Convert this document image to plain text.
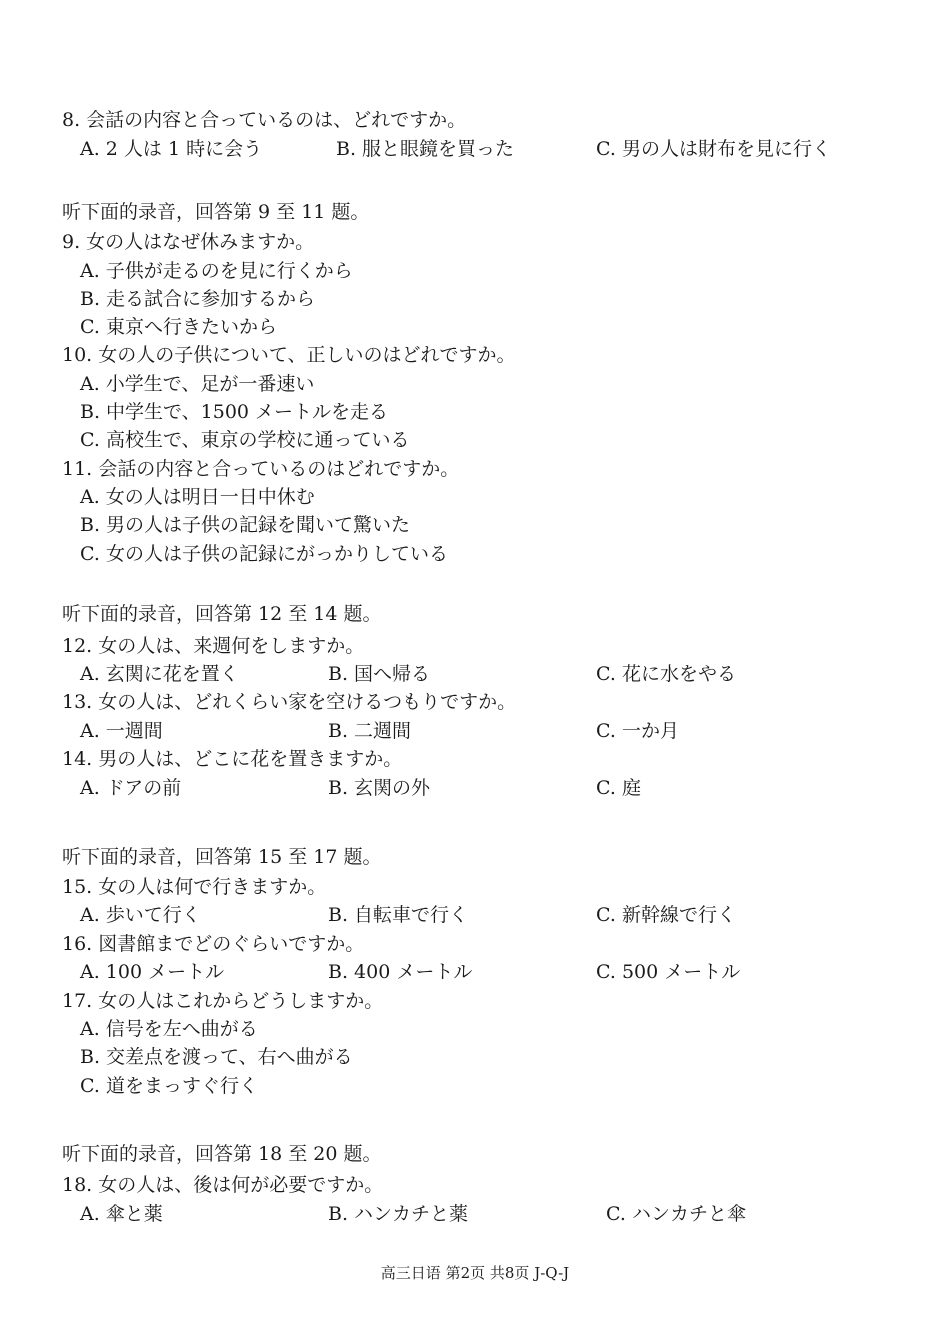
8. 会話の内容と合っているのは、どれですか。
A. 2 人は 1 時に会う	B. 服と眼鏡を買った	C. 男の人は財布を見に行く
听下面的录音，回答第 9 至 11 题。
9. 女の人はなぜ休みますか。
A. 子供が走るのを見に行くから
B. 走る試合に参加するから
C. 東京へ行きたいから
10. 女の人の子供について、正しいのはどれですか。
A. 小学生で、足が一番速い
B. 中学生で、1500 メートルを走る
C. 高校生で、東京の学校に通っている
11. 会話の内容と合っているのはどれですか。
A. 女の人は明日一日中休む
B. 男の人は子供の記録を聞いて驚いた
C. 女の人は子供の記録にがっかりしている
听下面的录音，回答第 12 至 14 题。
12. 女の人は、来週何をしますか。
A. 玄関に花を置く	B. 国へ帰る	C. 花に水をやる
13. 女の人は、どれくらい家を空けるつもりですか。
A. 一週間	B. 二週間	C. 一か月
14. 男の人は、どこに花を置きますか。
A. ドアの前	B. 玄関の外	C. 庭
听下面的录音，回答第 15 至 17 题。
15. 女の人は何で行きますか。
A. 歩いて行く	B. 自転車で行く	C. 新幹線で行く
16. 図書館までどのぐらいですか。
A. 100 メートル	B. 400 メートル	C. 500 メートル
17. 女の人はこれからどうしますか。
A. 信号を左へ曲がる
B. 交差点を渡って、右へ曲がる
C. 道をまっすぐ行く
听下面的录音，回答第 18 至 20 题。
18. 女の人は、後は何が必要ですか。
A. 傘と薬	B. ハンカチと薬	C. ハンカチと傘
高三日语 第2页 共8页 J-Q-J
